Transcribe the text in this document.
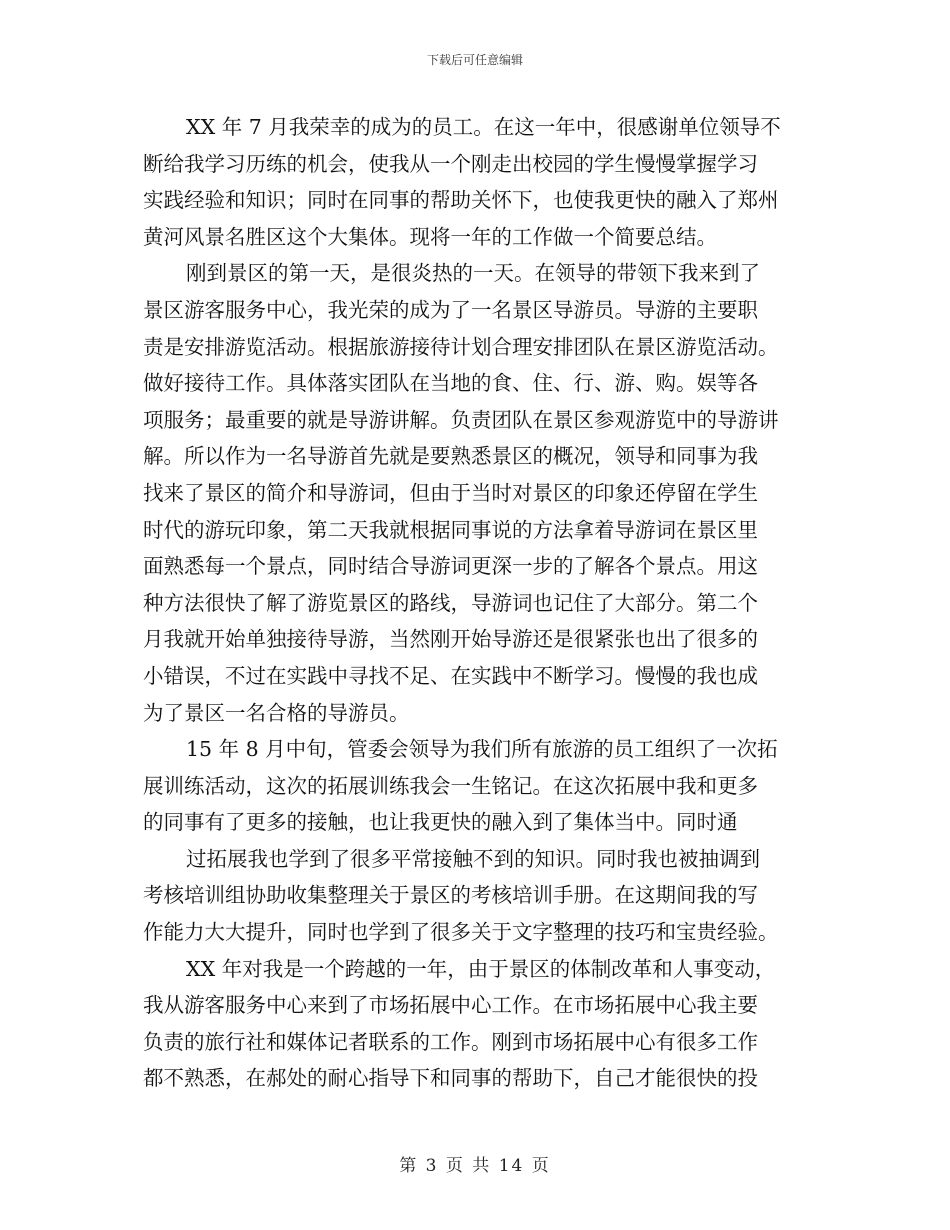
下载后可任意编辑
XX 年 7 月我荣幸的成为的员工。在这一年中，很感谢单位领导不
断给我学习历练的机会，使我从一个刚走出校园的学生慢慢掌握学习
实践经验和知识；同时在同事的帮助关怀下，也使我更快的融入了郑州
黄河风景名胜区这个大集体。现将一年的工作做一个简要总结。
刚到景区的第一天，是很炎热的一天。在领导的带领下我来到了
景区游客服务中心，我光荣的成为了一名景区导游员。导游的主要职
责是安排游览活动。根据旅游接待计划合理安排团队在景区游览活动。
做好接待工作。具体落实团队在当地的食、住、行、游、购。娱等各
项服务；最重要的就是导游讲解。负责团队在景区参观游览中的导游讲
解。所以作为一名导游首先就是要熟悉景区的概况，领导和同事为我
找来了景区的简介和导游词，但由于当时对景区的印象还停留在学生
时代的游玩印象，第二天我就根据同事说的方法拿着导游词在景区里
面熟悉每一个景点，同时结合导游词更深一步的了解各个景点。用这
种方法很快了解了游览景区的路线，导游词也记住了大部分。第二个
月我就开始单独接待导游，当然刚开始导游还是很紧张也出了很多的
小错误，不过在实践中寻找不足、在实践中不断学习。慢慢的我也成
为了景区一名合格的导游员。
15 年 8 月中旬，管委会领导为我们所有旅游的员工组织了一次拓
展训练活动，这次的拓展训练我会一生铭记。在这次拓展中我和更多
的同事有了更多的接触，也让我更快的融入到了集体当中。同时通
过拓展我也学到了很多平常接触不到的知识。同时我也被抽调到
考核培训组协助收集整理关于景区的考核培训手册。在这期间我的写
作能力大大提升，同时也学到了很多关于文字整理的技巧和宝贵经验。
XX 年对我是一个跨越的一年，由于景区的体制改革和人事变动，
我从游客服务中心来到了市场拓展中心工作。在市场拓展中心我主要
负责的旅行社和媒体记者联系的工作。刚到市场拓展中心有很多工作
都不熟悉，在郝处的耐心指导下和同事的帮助下，自己才能很快的投
第 3 页 共 14 页
